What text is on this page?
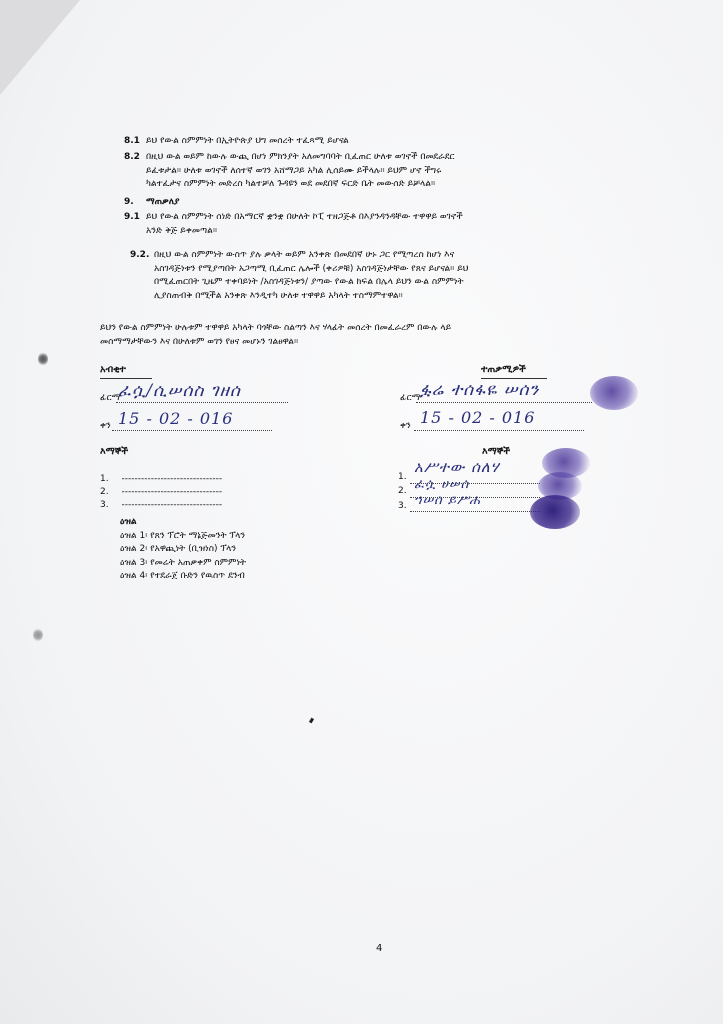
8.1 ይህ የውል ስምምነት በኢትዮጵያ ህግ መሰረት ተፈጻሚ ይሆናል
8.2 በዚህ ውል ወይም ከውሉ ውጪ በሆነ ምክንያት አለመግባባት ቢፈጠር ሁለቱ ወገኖች በመደራደር
ይፈቱታል። ሁለቱ ወገኖች ለሰተኛ ወገን አሸማጋይ አካል ሊሰይሙ ይችላሉ። ይህም ሆኖ ችግሩ
ካልተፈታና ስምምነት መድረስ ካልተቻለ ጉዳዩን ወደ መደበኛ ፍርድ ቤት መውሰድ ይቻላል።
9. ማጠቃለያ
9.1 ይህ የውል ስምምነት ሰነድ በአማርኛ ቋንቋ በሁለት ኮፒ ተዘጋጅቶ በእያንዳንዳቸው ተዋዋይ ወገኖች
አንድ ቅጅ ይቀመጣል።
9.2. በዚህ ውል ስምምነት ውስጥ ያሉ ቃላት ወይም አንቀጽ በመደበኛ ሁኑ ጋር የሚጣረስ ከሆነ እና
አስገዳጅነቱን የሚያጣበት አጋጣሚ ቢፈጠር ሌሎች (ቀሪዎቹ) አስገዳጅነታቸው የጸና ይሆናል። ይህ
በሚፈጠርበት ጊዜም ተቀባይነት /አስገዳጅነቱን/ ያጣው የውል ክፍል በሌላ ይህን ውል ስምምነት
ሊያስጠብቅ በሚችል አንቀጽ እንዲተካ ሁለቱ ተዋዋይ አካላት ተስማምተዋል።
ይህን የውል ስምምነት ሁሉቱም ተዋዋይ አካላት ባጎቸው ስልጣን እና ሃላፊት መሰረት በመፈራረም በውሉ ላይ
መስማማታቸውን እና በሁለቱም ወገን የፀና መሆኑን ገልፀዋል።
አብቂተ
ፊርማ
ፈሷ/ሲሠሰስ ገዘሰ
ቀን 15 - 02 - 016
እማኞች
1. -------------------------------
2. -------------------------------
3. -------------------------------
ዕዝል
ዕዝል 1፡ የጸን ፕሮት ማኔጅመንት ፕላን
ዕዝል 2፡ የአዋጪነት (ቢዝነስ) ፕላን
ዕዝል 3፡ የመሬት አጠቃቀም ስምምነት
ዕዝል 4፡ የተደራጀ ቡድን የዉስጥ ደንብ
ተጠቃሚዎች
ፊርማ ፏሬ ተሰፋዬ ሠሰን
ቀን 15 - 02 - 016
እማኞች
1.
አሥተው ሰለሃ
2. ፈሷ ሀሠሰ
3. ኀሠሰ ይሥሐ
4
